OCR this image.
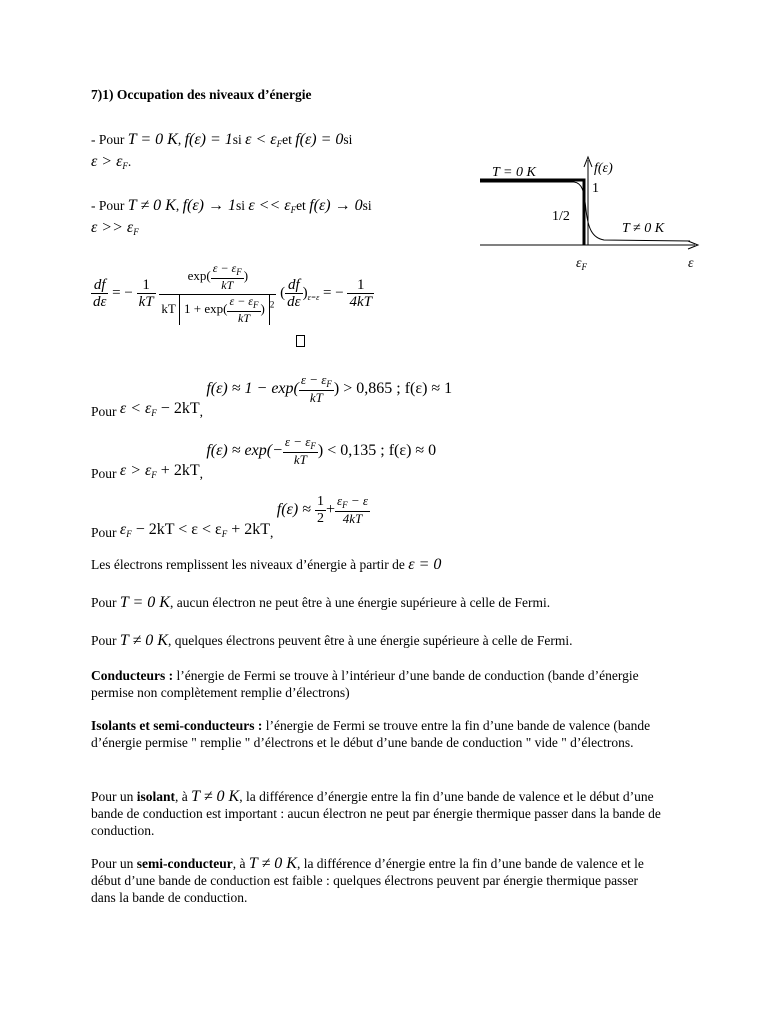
7)1) Occupation des niveaux d’énergie
- Pour T = 0 K, f(ε) = 1si $\varepsilon < \varepsilon_Fet$ f(ε) = 0si
$\varepsilon > \varepsilon_F$.
- Pour T ≠ 0 K, f(ε) → 1si $\varepsilon << \varepsilon_Fet$ f(ε) → 0si
$\varepsilon >> \varepsilon_F$
T = 0 K	f(ε)
1
1/2
T ≠ 0 K
$\varepsilon_F$	ε
$\frac{df}{d\varepsilon}$ = − $\frac{1}{kT}$
$\frac{\exp( \frac{\varepsilon - \varepsilon_F}{kT} )}{kT 1 + \exp( \frac{\varepsilon - \varepsilon_F}{kT} ) ^2}$ ( $\frac{df}{d\varepsilon} )_{\varepsilon=\varepsilon}$ = − $\frac{1}{4kT}$
Pour $\varepsilon < \varepsilon_F - 2kT$, $f(\varepsilon) \approx 1 - \exp( \frac{\varepsilon - \varepsilon_F}{kT}$ ) > 0,865 ; f(ε) ≈ 1
Pour $\varepsilon > \varepsilon_F + 2kT$, $f(\varepsilon) \approx \exp(- \frac{\varepsilon - \varepsilon_F}{kT}$ ) < 0,135 ; f(ε) ≈ 0
Pour $\varepsilon_F - 2kT < \varepsilon < \varepsilon_F + 2kT$, $f(\varepsilon) \approx \frac{1}{2} + \frac{\varepsilon_F - \varepsilon}{4kT}$
Les électrons remplissent les niveaux d’énergie à partir de ε = 0
Pour T = 0 K, aucun électron ne peut être à une énergie supérieure à celle de Fermi.
Pour T ≠ 0 K, quelques électrons peuvent être à une énergie supérieure à celle de Fermi.
Conducteurs : l’énergie de Fermi se trouve à l’intérieur d’une bande de conduction (bande d’énergie permise non complètement remplie d’électrons)
Isolants et semi-conducteurs : l’énergie de Fermi se trouve entre la fin d’une bande de valence (bande d’énergie permise " remplie " d’électrons et le début d’une bande de conduction " vide " d’électrons.
Pour un isolant, à T ≠ 0 K, la différence d’énergie entre la fin d’une bande de valence et le début d’une bande de conduction est important : aucun électron ne peut par énergie thermique passer dans la bande de conduction.
Pour un semi-conducteur, à T ≠ 0 K, la différence d’énergie entre la fin d’une bande de valence et le début d’une bande de conduction est faible : quelques électrons peuvent par énergie thermique passer dans la bande de conduction.
